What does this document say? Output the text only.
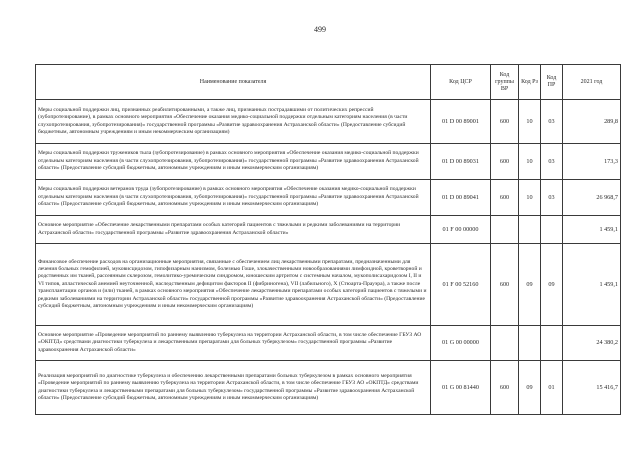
499
Наименование показателя	Код ЦСР	Код группы ВР	Код Рз	Код ПР	2021 год
Меры социальной поддержки лиц, признанных реабилитированными, а также лиц, признанных пострадавшими от политических репрессий (зубопротезирование), в рамках основного мероприятия «Обеспечение оказания медико-социальной поддержки отдельным категориям населения (в части слухопротезирования, зубопротезирования)» государственной программы «Развитие здравоохранения Астраханской области» (Предоставление субсидий бюджетным, автономным учреждениям и иным некоммерческим организациям)	01 D 00 89001	600	10	03	289,8
Меры социальной поддержки тружеников тыла (зубопротезирование) в рамках основного мероприятия «Обеспечение оказания медико-социальной поддержки отдельным категориям населения (в части слухопротезирования, зубопротезирования)» государственной программы «Развитие здравоохранения Астраханской области» (Предоставление субсидий бюджетным, автономным учреждениям и иным некоммерческим организациям)	01 D 00 89031	600	10	03	173,3
Меры социальной поддержки ветеранов труда (зубопротезирование) в рамках основного мероприятия «Обеспечение оказания медико-социальной поддержки отдельным категориям населения (в части слухопротезирования, зубопротезирования)» государственной программы «Развитие здравоохранения Астраханской области» (Предоставление субсидий бюджетным, автономным учреждениям и иным некоммерческим организациям)	01 D 00 89041	600	10	03	26 968,7
Основное мероприятие «Обеспечение лекарственными препаратами особых категорий пациентов с тяжелыми и редкими заболеваниями на территории Астраханской области» государственной программы «Развитие здравоохранения Астраханской области»	01 F 00 00000				1 459,1
Финансовое обеспечение расходов на организационные мероприятия, связанные с обеспечением лиц лекарственными препаратами, предназначенными для лечения больных гемофилией, муковисцидозом, гипофизарным нанизмом, болезнью Гоше, злокачественными новообразованиями лимфоидной, кроветворной и родственных им тканей, рассеянным склерозом, гемолитико-уремическим синдромом, юношеским артритом с системным началом, мукополисахаридозом I, II и VI типов, апластической анемией неуточненной, наследственным дефицитом факторов II (фибриногена), VII (лабильного), X (Стюарта-Прауэра), а также после трансплантации органов и (или) тканей, в рамках основного мероприятия «Обеспечение лекарственными препаратами особых категорий пациентов с тяжелыми и редкими заболеваниями на территории Астраханской области» государственной программы «Развитие здравоохранения Астраханской области» (Предоставление субсидий бюджетным, автономным учреждениям и иным некоммерческим организациям)	01 F 00 52160	600	09	09	1 459,1
Основное мероприятие «Проведение мероприятий по раннему выявлению туберкулеза на территории Астраханской области, в том числе обеспечение ГБУЗ АО «ОКПТД» средствами диагностики туберкулеза и лекарственными препаратами для больных туберкулезом» государственной программы «Развитие здравоохранения Астраханской области»	01 G 00 00000				24 380,2
Реализация мероприятий по диагностике туберкулеза и обеспечению лекарственными препаратами больных туберкулезом в рамках основного мероприятия «Проведение мероприятий по раннему выявлению туберкулеза на территории Астраханской области, в том числе обеспечение ГБУЗ АО «ОКПТД» средствами диагностики туберкулеза и лекарственными препаратами для больных туберкулезом» государственной программы «Развитие здравоохранения Астраханской области» (Предоставление субсидий бюджетным, автономным учреждениям и иным некоммерческим организациям)	01 G 00 81440	600	09	01	15 416,7
